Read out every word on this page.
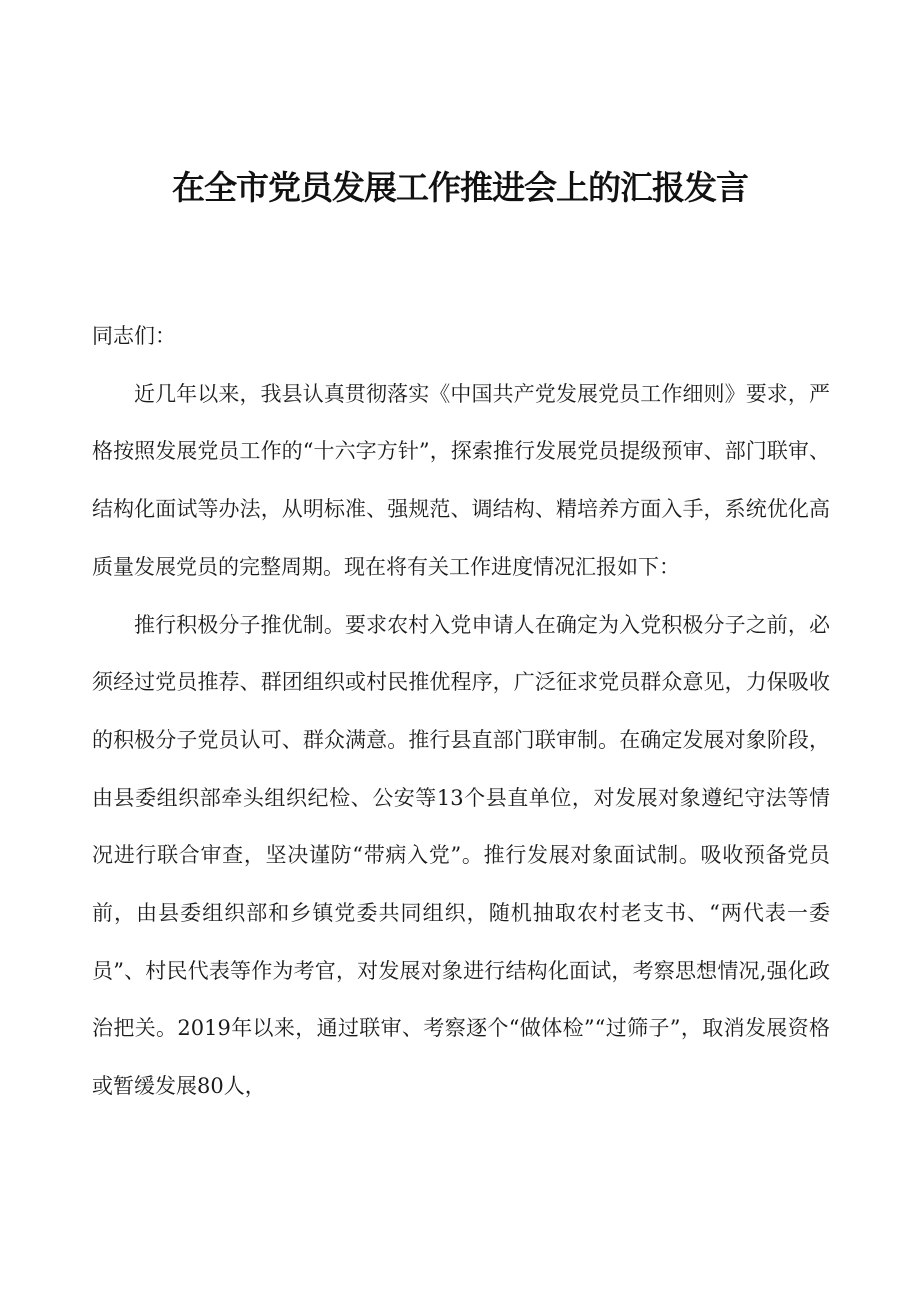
在全市党员发展工作推进会上的汇报发言

同志们：

近几年以来，我县认真贯彻落实《中国共产党发展党员工作细则》要求，严格按照发展党员工作的“十六字方针”，探索推行发展党员提级预审、部门联审、结构化面试等办法，从明标准、强规范、调结构、精培养方面入手，系统优化高质量发展党员的完整周期。现在将有关工作进度情况汇报如下：

推行积极分子推优制。要求农村入党申请人在确定为入党积极分子之前，必须经过党员推荐、群团组织或村民推优程序，广泛征求党员群众意见，力保吸收的积极分子党员认可、群众满意。推行县直部门联审制。在确定发展对象阶段，由县委组织部牵头组织纪检、公安等13个县直单位，对发展对象遵纪守法等情况进行联合审查，坚决谨防“带病入党”。推行发展对象面试制。吸收预备党员前，由县委组织部和乡镇党委共同组织，随机抽取农村老支书、“两代表一委员”、村民代表等作为考官，对发展对象进行结构化面试，考察思想情况,强化政治把关。2019年以来，通过联审、考察逐个“做体检”“过筛子”，取消发展资格或暂缓发展80人，
